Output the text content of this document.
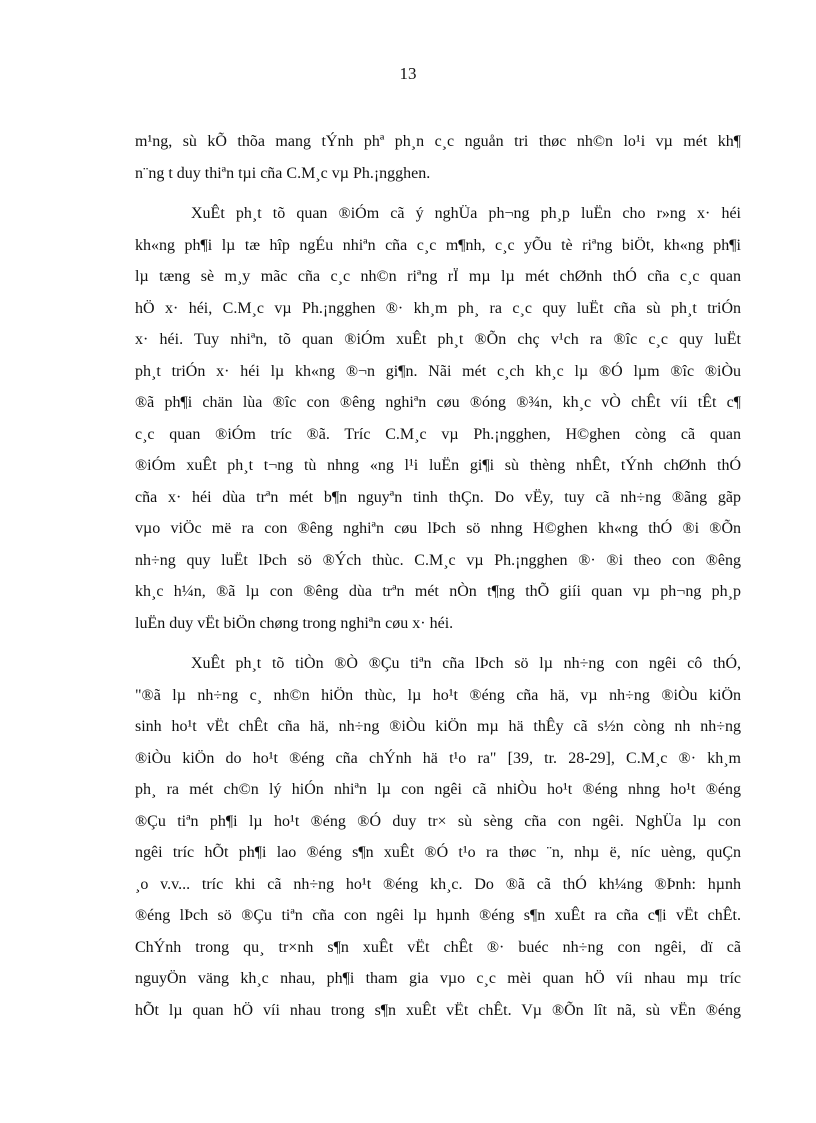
13
m¹ng, sù kÕ thõa mang tÝnh phª ph¸n c¸c nguån tri thøc nh©n lo¹i vµ mét kh¶
n¨ng t duy thiªn tµi cña C.M¸c vµ Ph.¡ngghen.
XuÊt ph¸t tõ quan ®iÓm cã ý nghÜa ph¬ng ph¸p luËn cho r»ng x· héi
kh«ng ph¶i lµ tæ hîp ngÉu nhiªn cña c¸c m¶nh, c¸c yÕu tè riªng biÖt, kh«ng ph¶i
lµ tæng sè m¸y mãc cña c¸c nh©n riªng rÏ mµ lµ mét chØnh thÓ cña c¸c quan
hÖ x· héi, C.M¸c vµ Ph.¡ngghen ®· kh¸m ph¸ ra c¸c quy luËt cña sù ph¸t triÓn
x· héi. Tuy nhiªn, tõ quan ®iÓm xuÊt ph¸t ®Õn chç v¹ch ra ®îc c¸c quy luËt
ph¸t triÓn x· héi lµ kh«ng ®¬n gi¶n. Nãi mét c¸ch kh¸c lµ ®Ó lµm ®îc ®iÒu
®ã ph¶i chän lùa ®îc con ®êng nghiªn cøu ®óng ®¾n, kh¸c vÒ chÊt víi tÊt c¶
c¸c quan ®iÓm tríc ®ã. Tríc C.M¸c vµ Ph.¡ngghen, H©ghen còng cã quan
®iÓm xuÊt ph¸t t¬ng tù nhng «ng l¹i luËn gi¶i sù thèng nhÊt, tÝnh chØnh thÓ
cña x· héi dùa trªn mét b¶n nguyªn tinh thÇn. Do vËy, tuy cã nh÷ng ®ãng gãp
vµo viÖc më ra con ®êng nghiªn cøu lÞch sö nhng H©ghen kh«ng thÓ ®i ®Õn
nh÷ng quy luËt lÞch sö ®Ých thùc. C.M¸c vµ Ph.¡ngghen ®· ®i theo con ®êng
kh¸c h¼n, ®ã lµ con ®êng dùa trªn mét nÒn t¶ng thÕ giíi quan vµ ph¬ng ph¸p
luËn duy vËt biÖn chøng trong nghiªn cøu x· héi.
XuÊt ph¸t tõ tiÒn ®Ò ®Çu tiªn cña lÞch sö lµ nh÷ng con ngêi cô thÓ,
"®ã lµ nh÷ng c¸ nh©n hiÖn thùc, lµ ho¹t ®éng cña hä, vµ nh÷ng ®iÒu kiÖn
sinh ho¹t vËt chÊt cña hä, nh÷ng ®iÒu kiÖn mµ hä thÊy cã s½n còng nh nh÷ng
®iÒu kiÖn do ho¹t ®éng cña chÝnh hä t¹o ra" [39, tr. 28-29], C.M¸c ®· kh¸m
ph¸ ra mét ch©n lý hiÓn nhiªn lµ con ngêi cã nhiÒu ho¹t ®éng nhng ho¹t ®éng
®Çu tiªn ph¶i lµ ho¹t ®éng ®Ó duy tr× sù sèng cña con ngêi. NghÜa lµ con
ngêi tríc hÕt ph¶i lao ®éng s¶n xuÊt ®Ó t¹o ra thøc ¨n, nhµ ë, níc uèng, quÇn
¸o v.v... tríc khi cã nh÷ng ho¹t ®éng kh¸c. Do ®ã cã thÓ kh¼ng ®Þnh: hµnh
®éng lÞch sö ®Çu tiªn cña con ngêi lµ hµnh ®éng s¶n xuÊt ra cña c¶i vËt chÊt.
ChÝnh trong qu¸ tr×nh s¶n xuÊt vËt chÊt ®· buéc nh÷ng con ngêi, dï cã
nguyÖn väng kh¸c nhau, ph¶i tham gia vµo c¸c mèi quan hÖ víi nhau mµ tríc
hÕt lµ quan hÖ víi nhau trong s¶n xuÊt vËt chÊt. Vµ ®Õn lît nã, sù vËn ®éng
